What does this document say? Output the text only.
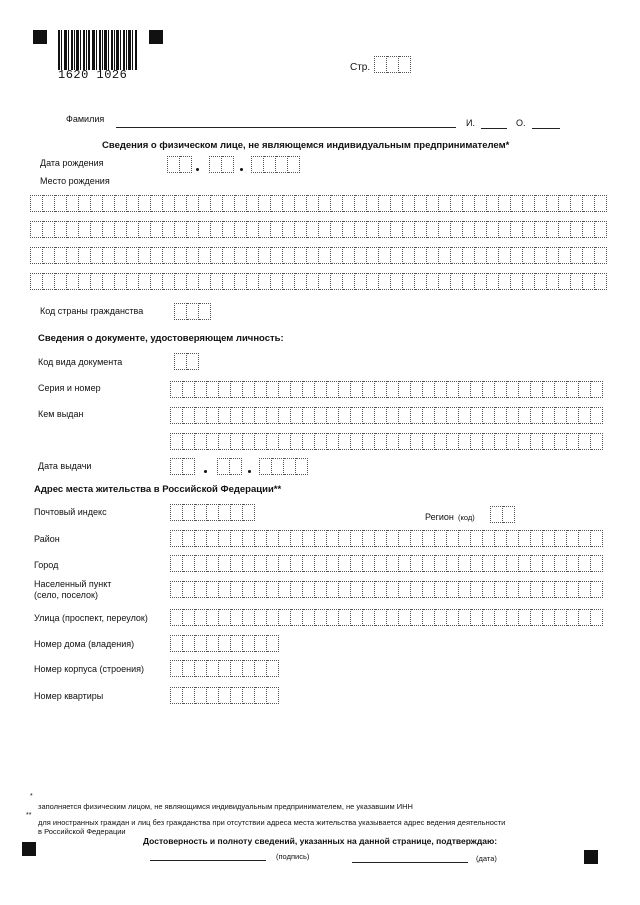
1620 1026
Стр.
Фамилия	И.	О.
Сведения о физическом лице, не являющемся индивидуальным предпринимателем*
Дата рождения
Место рождения
Код страны гражданства
Сведения о документе, удостоверяющем личность:
Код вида документа
Серия и номер
Кем выдан
Дата выдачи
Адрес места жительства в Российской Федерации**
Почтовый индекс	Регион (код)
Район
Город
Населенный пункт
(село, поселок)
Улица (проспект, переулок)
Номер дома (владения)
Номер корпуса (строения)
Номер квартиры
*
заполняется физическим лицом, не являющимся индивидуальным предпринимателем, не указавшим ИНН
**
для иностранных граждан и лиц без гражданства при отсутствии адреса места жительства указывается адрес ведения деятельности
в Российской Федерации
Достоверность и полноту сведений, указанных на данной странице, подтверждаю:
(подпись)	(дата)
